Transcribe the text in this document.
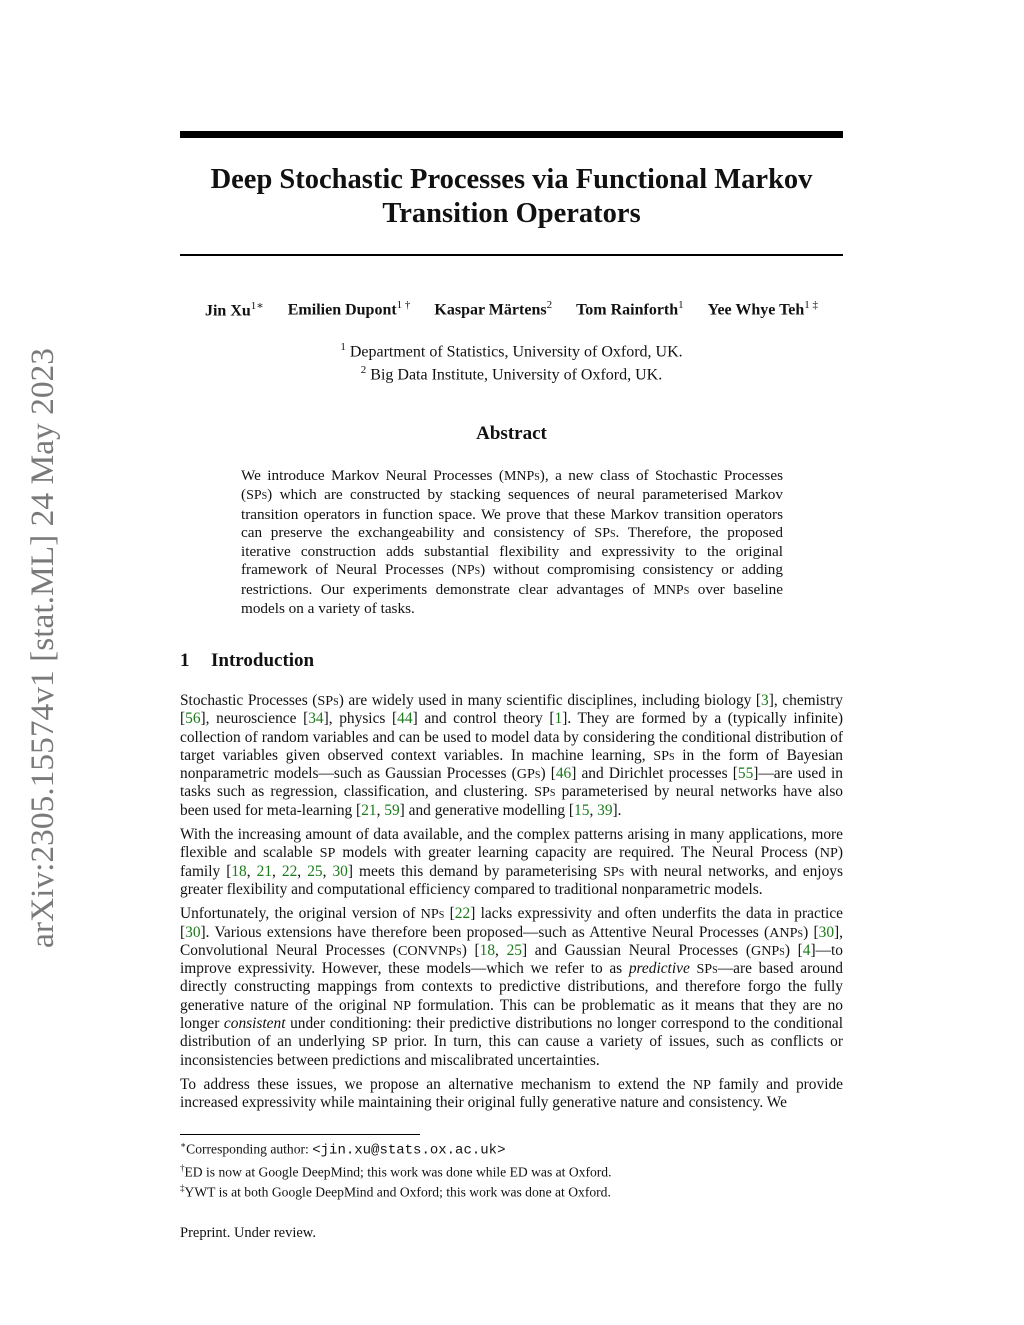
arXiv:2305.15574v1 [stat.ML] 24 May 2023
Deep Stochastic Processes via Functional Markov
Transition Operators
Jin $Xu^{1∗}$ Emilien Dupont$^{1 \dagger}$ Kaspar Märtens$^2$ Tom Rainforth$^1$ Yee Whye Teh$^{1 \ddagger}$
$^1$ Department of Statistics, University of Oxford, UK.
$^2$ Big Data Institute, University of Oxford, UK.
Abstract

We introduce Markov Neural Processes (MNPs), a new class of Stochastic Processes (SPs) which are constructed by stacking sequences of neural parameterised Markov transition operators in function space. We prove that these Markov transition operators can preserve the exchangeability and consistency of SPs. Therefore, the proposed iterative construction adds substantial flexibility and expressivity to the original framework of Neural Processes (NPs) without compromising consistency or adding restrictions. Our experiments demonstrate clear advantages of MNPs over baseline models on a variety of tasks.

1 Introduction

Stochastic Processes (SPs) are widely used in many scientific disciplines, including biology [3], chemistry [56], neuroscience [34], physics [44] and control theory [1]. They are formed by a (typically infinite) collection of random variables and can be used to model data by considering the conditional distribution of target variables given observed context variables. In machine learning, SPs in the form of Bayesian nonparametric models—such as Gaussian Processes (GPs) [46] and Dirichlet processes [55]—are used in tasks such as regression, classification, and clustering. SPs parameterised by neural networks have also been used for meta-learning [21, 59] and generative modelling [15, 39].

With the increasing amount of data available, and the complex patterns arising in many applications, more flexible and scalable SP models with greater learning capacity are required. The Neural Process (NP) family [18, 21, 22, 25, 30] meets this demand by parameterising SPs with neural networks, and enjoys greater flexibility and computational efficiency compared to traditional nonparametric models.

Unfortunately, the original version of NPs [22] lacks expressivity and often underfits the data in practice [30]. Various extensions have therefore been proposed—such as Attentive Neural Processes (ANPs) [30], Convolutional Neural Processes (CONVNPs) [18, 25] and Gaussian Neural Processes (GNPs) [4]—to improve expressivity. However, these models—which we refer to as predictive SPs—are based around directly constructing mappings from contexts to predictive distributions, and therefore forgo the fully generative nature of the original NP formulation. This can be problematic as it means that they are no longer consistent under conditioning: their predictive distributions no longer correspond to the conditional distribution of an underlying SP prior. In turn, this can cause a variety of issues, such as conflicts or inconsistencies between predictions and miscalibrated uncertainties.

To address these issues, we propose an alternative mechanism to extend the NP family and provide increased expressivity while maintaining their original fully generative nature and consistency. We

∗Corresponding author: <jin.xu@stats.ox.ac.uk>
†ED is now at Google DeepMind; this work was done while ED was at Oxford.
‡YWT is at both Google DeepMind and Oxford; this work was done at Oxford.
Preprint. Under review.
